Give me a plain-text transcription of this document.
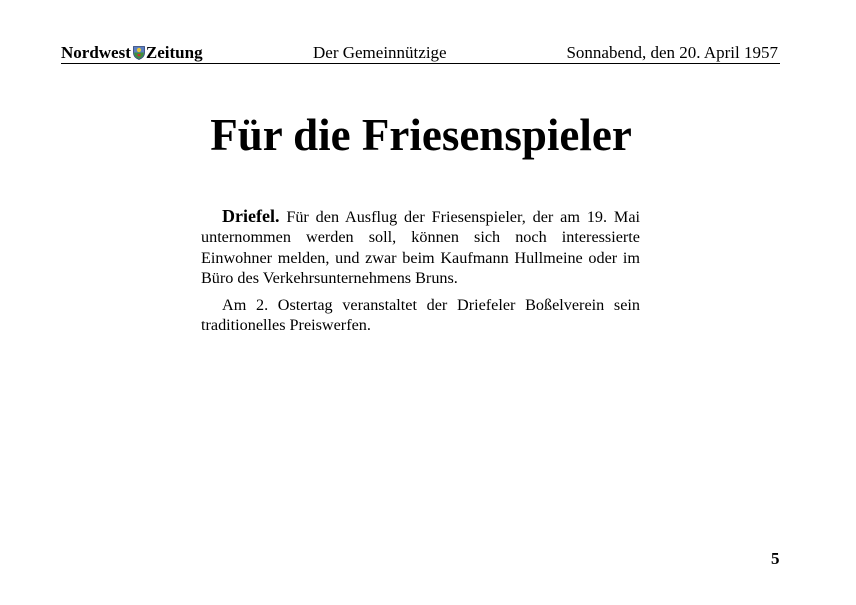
Nordwest Zeitung	Der Gemeinnützige	Sonnabend, den 20. April 1957
Für die Friesenspieler

Driefel. Für den Ausflug der Friesenspieler, der am 19. Mai unternommen werden soll, können sich noch interessierte Einwohner melden, und zwar beim Kaufmann Hullmeine oder im Büro des Verkehrsunternehmens Bruns.

Am 2. Ostertag veranstaltet der Driefeler Boßelverein sein traditionelles Preiswerfen.

5
